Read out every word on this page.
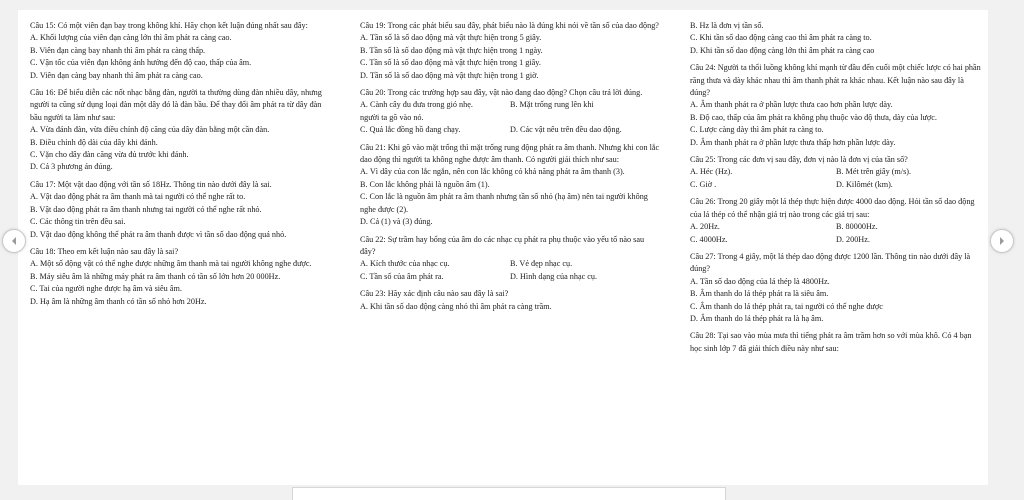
Câu 15: Có một viên đạn bay trong không khí. Hãy chọn kết luận đúng nhất sau đây:

A. Khối lượng của viên đạn càng lớn thì âm phát ra càng cao.

B. Viên đạn càng bay nhanh thì âm phát ra càng thấp.

C. Vận tốc của viên đạn không ảnh hưởng đến độ cao, thấp của âm.

D. Viên đạn càng bay nhanh thì âm phát ra càng cao.

Câu 16: Để biểu diễn các nốt nhạc bằng đàn, người ta thường dùng đàn nhiều dây, nhưng người ta cũng sử dụng loại đàn một dây đó là đàn bầu. Để thay đổi âm phát ra từ dây đàn bầu người ta làm như sau:

A. Vừa đánh đàn, vừa điều chỉnh độ căng của dây đàn bằng một cần đàn.

B. Điều chỉnh độ dài của dây khi đánh.

C. Vặn cho dây đàn căng vừa đủ trước khi đánh.

D. Cả 3 phương án đúng.

Câu 17: Một vật dao động với tần số 18Hz. Thông tin nào dưới đây là sai.

A. Vật dao động phát ra âm thanh mà tai người có thể nghe rất to.

B. Vật dao động phát ra âm thanh nhưng tai người có thể nghe rất nhỏ.

C. Các thông tin trên đều sai.

D. Vật dao động không thể phát ra âm thanh được vì tần số dao động quá nhỏ.

Câu 18: Theo em kết luận nào sau đây là sai?

A. Một số động vật có thể nghe được những âm thanh mà tai người không nghe được.

B. Máy siêu âm là những máy phát ra âm thanh có tần số lớn hơn 20 000Hz.

C. Tai của người nghe được hạ âm và siêu âm.

D. Hạ âm là những âm thanh có tần số nhỏ hơn 20Hz.

Câu 19: Trong các phát biểu sau đây, phát biểu nào là đúng khi nói về tần số của dao động?

A. Tần số là số dao động mà vật thực hiện trong 5 giây.

B. Tần số là số dao động mà vật thực hiện trong 1 ngày.

C. Tần số là số dao động mà vật thực hiện trong 1 giây.

D. Tần số là số dao động mà vật thực hiện trong 1 giờ.

Câu 20: Trong các trường hợp sau đây, vật nào đang dao động? Chọn câu trả lời đúng.

A. Cành cây đu đưa trong gió nhẹ.	B. Mặt trống rung lên khi

người ta gõ vào nó.

C. Quả lắc đồng hồ đang chạy.	D. Các vật nêu trên đều dao động.

Câu 21: Khi gõ vào mặt trống thì mặt trống rung động phát ra âm thanh. Nhưng khi con lắc dao động thì người ta không nghe được âm thanh. Có người giải thích như sau:

A. Vì dây của con lắc ngắn, nên con lắc không có khả năng phát ra âm thanh (3).

B. Con lắc không phải là nguồn âm (1).

C. Con lắc là nguồn âm phát ra âm thanh nhưng tần số nhỏ (hạ âm) nên tai người không nghe được (2).

D. Cả (1) và (3) đúng.

Câu 22: Sự trầm hay bổng của âm do các nhạc cụ phát ra phụ thuộc vào yếu tố nào sau đây?

A. Kích thước của nhạc cụ.	B. Vẻ đẹp nhạc cụ.
C. Tần số của âm phát ra.	D. Hình dạng của nhạc cụ.

Câu 23: Hãy xác định câu nào sau đây là sai?

A. Khi tần số dao động càng nhỏ thì âm phát ra càng trầm.

B. Hz là đơn vị tần số.

C. Khi tần số dao động càng cao thì âm phát ra càng to.

D. Khi tần số dao động càng lớn thì âm phát ra càng cao

Câu 24: Người ta thổi luồng không khí mạnh từ đầu đến cuối một chiếc lược có hai phần răng thưa và dày khác nhau thì âm thanh phát ra khác nhau. Kết luận nào sau đây là đúng?

A. Âm thanh phát ra ở phần lược thưa cao hơn phần lược dày.

B. Độ cao, thấp của âm phát ra không phụ thuộc vào độ thưa, dày của lược.

C. Lược càng dày thì âm phát ra càng to.

D. Âm thanh phát ra ở phần lược thưa thấp hơn phần lược dày.

Câu 25: Trong các đơn vị sau đây, đơn vị nào là đơn vị của tần số?

A. Héc (Hz).	B. Mét trên giây (m/s).
C. Giờ .	D. Kilômét (km).

Câu 26: Trong 20 giây một lá thép thực hiện được 4000 dao động. Hỏi tần số dao động của lá thép có thể nhận giá trị nào trong các giá trị sau:

A. 20Hz.	B. 80000Hz.
C. 4000Hz.	D. 200Hz.

Câu 27: Trong 4 giây, một lá thép dao động được 1200 lần. Thông tin nào dưới đây là đúng?

A. Tần số dao động của lá thép là 4800Hz.

B. Âm thanh do lá thép phát ra là siêu âm.

C. Âm thanh do lá thép phát ra, tai người có thể nghe được

D. Âm thanh do lá thép phát ra là hạ âm.

Câu 28: Tại sao vào mùa mưa thì tiếng phát ra âm trầm hơn so với mùa khô. Có 4 bạn học sinh lớp 7 đã giải thích điều này như sau:
